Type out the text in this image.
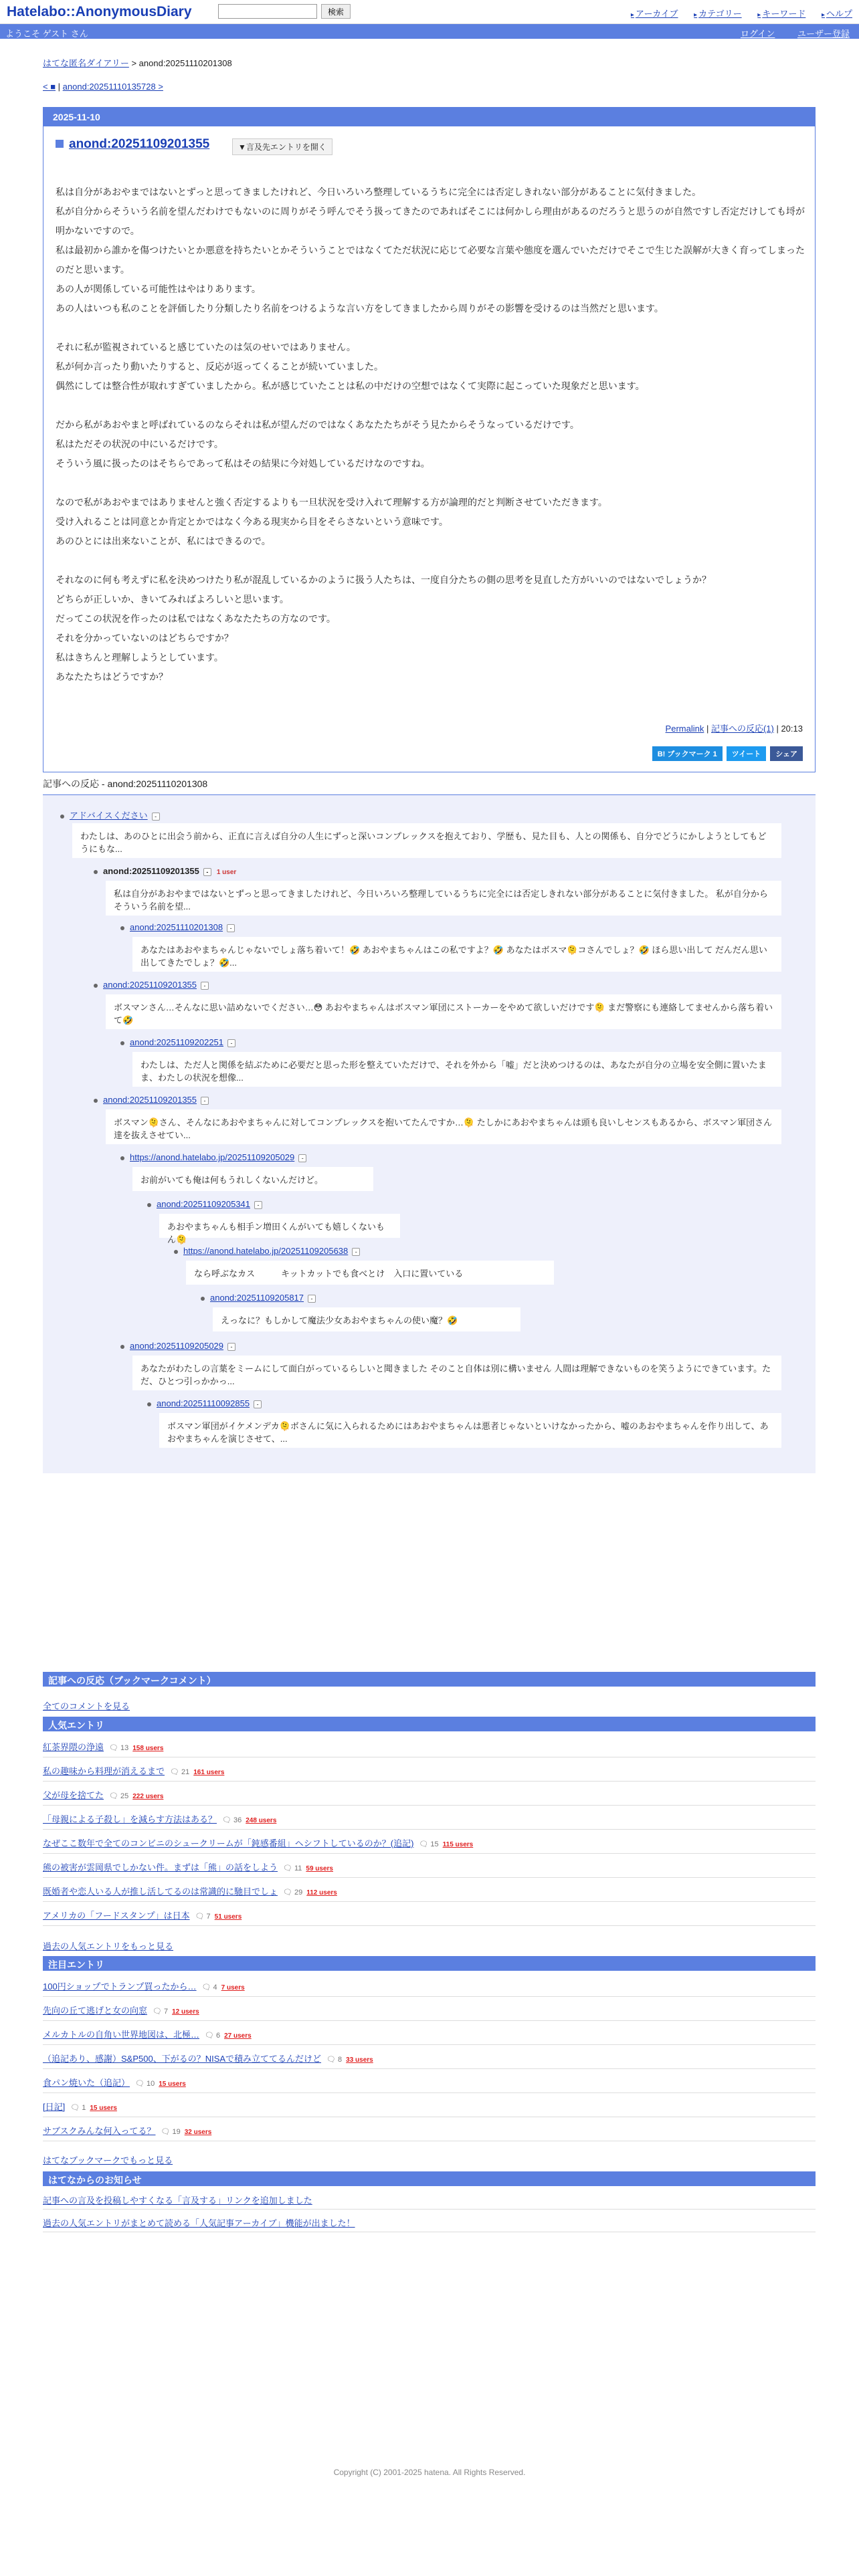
Hatelabo::AnonymousDiary	検索	▸ アーカイブ ▸ カテゴリー ▸ キーワード ▸ ヘルプ
ようこそ ゲスト さん	ログイン	ユーザー登録
はてな匿名ダイアリー > anond:20251110201308
< ■ | anond:20251110135728 >
2025-11-10
anond:20251109201355	▼言及先エントリを開く

私は自分があおやまではないとずっと思ってきましたけれど、今日いろいろ整理しているうちに完全には否定しきれない部分があることに気付きました。

私が自分からそういう名前を望んだわけでもないのに周りがそう呼んでそう扱ってきたのであればそこには何かしら理由があるのだろうと思うのが自然ですし否定だけしても埒が明かないですので。

私は最初から誰かを傷つけたいとか悪意を持ちたいとかそういうことではなくてただ状況に応じて必要な言葉や態度を選んでいただけでそこで生じた誤解が大きく育ってしまったのだと思います。

あの人が関係している可能性はやはりあります。

あの人はいつも私のことを評価したり分類したり名前をつけるような言い方をしてきましたから周りがその影響を受けるのは当然だと思います。

それに私が監視されていると感じていたのは気のせいではありません。

私が何か言ったり動いたりすると、反応が返ってくることが続いていました。

偶然にしては整合性が取れすぎていましたから。私が感じていたことは私の中だけの空想ではなくて実際に起こっていた現象だと思います。

だから私があおやまと呼ばれているのならそれは私が望んだのではなくあなたたちがそう見たからそうなっているだけです。

私はただその状況の中にいるだけです。

そういう風に扱ったのはそちらであって私はその結果に今対処しているだけなのですね。

なので私があおやまではありませんと強く否定するよりも一旦状況を受け入れて理解する方が論理的だと判断させていただきます。

受け入れることは同意とか肯定とかではなく今ある現実から目をそらさないという意味です。

あのひとには出来ないことが、私にはできるので。

それなのに何も考えずに私を決めつけたり私が混乱しているかのように扱う人たちは、一度自分たちの側の思考を見直した方がいいのではないでしょうか？

どちらが正しいか、きいてみればよろしいと思います。

だってこの状況を作ったのは私ではなくあなたたちの方なのです。

それを分かっていないのはどちらですか？

私はきちんと理解しようとしています。

あなたたちはどうですか？

Permalink | 記事への反応(1) | 20:13
B! ブックマーク 1 ツイート シェア
記事への反応 - anond:20251110201308
アドバイスください -
わたしは、あのひとに出会う前から、正直に言えば自分の人生にずっと深いコンプレックスを抱えており、学歴も、見た目も、人との関係も、自分でどうにかしようとしてもどうにもな...
anond:20251109201355 - 1 user
私は自分があおやまではないとずっと思ってきましたけれど、今日いろいろ整理しているうちに完全には否定しきれない部分があることに気付きました。 私が自分からそういう名前を望...
anond:20251110201308 -
あなたはあおやまちゃんじゃないでしょ落ち着いて！🤣 あおやまちゃんはこの私ですよ？🤣 あなたはボスマ🫠コさんでしょ？🤣 ほら思い出して だんだん思い出してきたでしょ？🤣...
anond:20251109201355 -
ボスマンさん…そんなに思い詰めないでください…😳 あおやまちゃんはボスマン軍団にストーカーをやめて欲しいだけです🫠 まだ警察にも連絡してませんから落ち着いて🤣
anond:20251109202251 -
わたしは、ただ人と関係を結ぶために必要だと思った形を整えていただけで、それを外から「嘘」だと決めつけるのは、あなたが自分の立場を安全側に置いたまま、わたしの状況を想像...
anond:20251109201355 -
ボスマン🫠さん、そんなにあおやまちゃんに対してコンプレックスを抱いてたんですか…🫠 たしかにあおやまちゃんは頭も良いしセンスもあるから、ボスマン軍団さん達を抜えさせてい...
https://anond.hatelabo.jp/20251109205029 -
お前がいても俺は何もうれしくないんだけど。
anond:20251109205341 -
あおやまちゃんも相手ン増田くんがいても嬉しくないもん🫠
https://anond.hatelabo.jp/20251109205638 -
なら呼ぶなカス　　　キットカットでも食べとけ　入口に置いている
anond:20251109205817 -
えっなに？もしかして魔法少女あおやまちゃんの使い魔？🤣
anond:20251109205029 -
あなたがわたしの言葉をミームにして面白がっているらしいと聞きました そのこと自体は別に構いません 人間は理解できないものを笑うようにできています。ただ、ひとつ引っかかっ...
anond:20251110092855 -
ボスマン軍団がイケメンデカ🫠ボさんに気に入られるためにはあおやまちゃんは悪者じゃないといけなかったから、嘘のあおやまちゃんを作り出して、あおやまちゃんを演じさせて、...
記事への反応（ブックマークコメント）
全てのコメントを見る
人気エントリ
紅茶界隈の浄遠 🗨 13 158 users
私の趣味から料理が消えるまで 🗨 21 161 users
父が母を捨てた 🗨 25 222 users
「母親による子殺し」を減らす方法はある？ 🗨 36 248 users
なぜここ数年で全てのコンビニのシュークリームが「鈍感番組」ヘシフトしているのか？(追記) 🗨 15 115 users
熊の被害が雲岡県でしかない件。まずは「熊」の話をしよう 🗨 11 59 users
既婚者や恋人いる人が推し活してるのは常識的に馳目でしょ 🗨 29 112 users
アメリカの「フードスタンプ」は日本 🗨 7 51 users
過去の人気エントリをもっと見る
注目エントリ
100円ショップでトランプ買ったから… 🗨 4 7 users
先向の丘て逃げと女の向窓 🗨 7 12 users
メルカトルの自角い世界地図は、北極… 🗨 6 27 users
（追記あり、感謝）S&P500、下がるの？NISAで積み立ててるんだけど 🗨 8 33 users
食パン焼いた（追記） 🗨 10 15 users
[日記] 🗨 1 15 users
サブスクみんな何入ってる？ 🗨 19 32 users
はてなブックマークでもっと見る
はてなからのお知らせ
記事への言及を投稿しやすくなる「言及する」リンクを追加しました
過去の人気エントリがまとめて読める「人気記事アーカイブ」機能が出ました！
Copyright (C) 2001-2025 hatena. All Rights Reserved.
